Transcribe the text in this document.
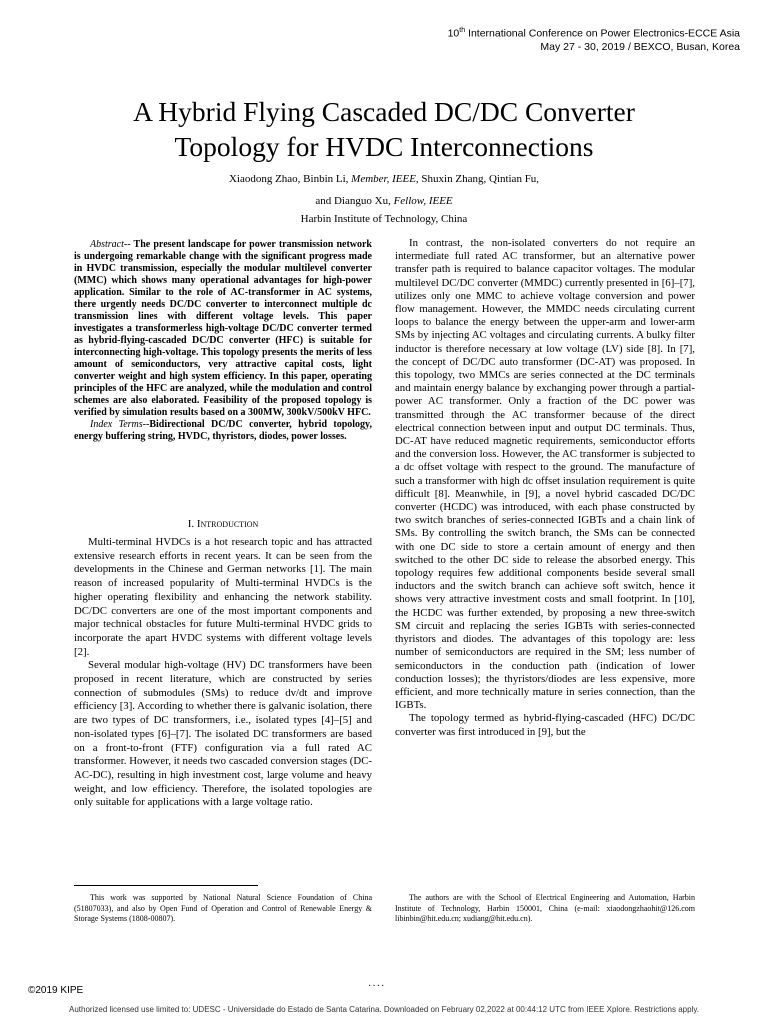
10th International Conference on Power Electronics-ECCE Asia
May 27 - 30, 2019 / BEXCO, Busan, Korea
A Hybrid Flying Cascaded DC/DC Converter
Topology for HVDC Interconnections
Xiaodong Zhao, Binbin Li, Member, IEEE, Shuxin Zhang, Qintian Fu,
and Dianguo Xu, Fellow, IEEE
Harbin Institute of Technology, China

Abstract-- The present landscape for power transmission network is undergoing remarkable change with the significant progress made in HVDC transmission, especially the modular multilevel converter (MMC) which shows many operational advantages for high-power application. Similar to the role of AC-transformer in AC systems, there urgently needs DC/DC converter to interconnect multiple dc transmission lines with different voltage levels. This paper investigates a transformerless high-voltage DC/DC converter termed as hybrid-flying-cascaded DC/DC converter (HFC) is suitable for interconnecting high-voltage. This topology presents the merits of less amount of semiconductors, very attractive capital costs, light converter weight and high system efficiency. In this paper, operating principles of the HFC are analyzed, while the modulation and control schemes are also elaborated. Feasibility of the proposed topology is verified by simulation results based on a 300MW, 300kV/500kV HFC.

Index Terms--Bidirectional DC/DC converter, hybrid topology, energy buffering string, HVDC, thyristors, diodes, power losses.

I. Introduction

Multi-terminal HVDCs is a hot research topic and has attracted extensive research efforts in recent years. It can be seen from the developments in the Chinese and German networks [1]. The main reason of increased popularity of Multi-terminal HVDCs is the higher operating flexibility and enhancing the network stability. DC/DC converters are one of the most important components and major technical obstacles for future Multi-terminal HVDC grids to incorporate the apart HVDC systems with different voltage levels [2].

Several modular high-voltage (HV) DC transformers have been proposed in recent literature, which are constructed by series connection of submodules (SMs) to reduce dv/dt and improve efficiency [3]. According to whether there is galvanic isolation, there are two types of DC transformers, i.e., isolated types [4]–[5] and non-isolated types [6]–[7]. The isolated DC transformers are based on a front-to-front (FTF) configuration via a full rated AC transformer. However, it needs two cascaded conversion stages (DC-AC-DC), resulting in high investment cost, large volume and heavy weight, and low efficiency. Therefore, the isolated topologies are only suitable for applications with a large voltage ratio.

In contrast, the non-isolated converters do not require an intermediate full rated AC transformer, but an alternative power transfer path is required to balance capacitor voltages. The modular multilevel DC/DC converter (MMDC) currently presented in [6]–[7], utilizes only one MMC to achieve voltage conversion and power flow management. However, the MMDC needs circulating current loops to balance the energy between the upper-arm and lower-arm SMs by injecting AC voltages and circulating currents. A bulky filter inductor is therefore necessary at low voltage (LV) side [8]. In [7], the concept of DC/DC auto transformer (DC-AT) was proposed. In this topology, two MMCs are series connected at the DC terminals and maintain energy balance by exchanging power through a partial-power AC transformer. Only a fraction of the DC power was transmitted through the AC transformer because of the direct electrical connection between input and output DC terminals. Thus, DC-AT have reduced magnetic requirements, semiconductor efforts and the conversion loss. However, the AC transformer is subjected to a dc offset voltage with respect to the ground. The manufacture of such a transformer with high dc offset insulation requirement is quite difficult [8]. Meanwhile, in [9], a novel hybrid cascaded DC/DC converter (HCDC) was introduced, with each phase constructed by two switch branches of series-connected IGBTs and a chain link of SMs. By controlling the switch branch, the SMs can be connected with one DC side to store a certain amount of energy and then switched to the other DC side to release the absorbed energy. This topology requires few additional components beside several small inductors and the switch branch can achieve soft switch, hence it shows very attractive investment costs and small footprint. In [10], the HCDC was further extended, by proposing a new three-switch SM circuit and replacing the series IGBTs with series-connected thyristors and diodes. The advantages of this topology are: less number of semiconductors are required in the SM; less number of semiconductors in the conduction path (indication of lower conduction losses); the thyristors/diodes are less expensive, more efficient, and more technically mature in series connection, than the IGBTs.

The topology termed as hybrid-flying-cascaded (HFC) DC/DC converter was first introduced in [9], but the

This work was supported by National Natural Science Foundation of China (51807033), and also by Open Fund of Operation and Control of Renewable Energy & Storage Systems (1808-00807).
The authors are with the School of Electrical Engineering and Automation, Harbin Institute of Technology, Harbin 150001, China (e-mail: xiaodongzhaohit@126.com libinbin@hit.edu.cn; xudiang@hit.edu.cn).
©2019 KIPE	····
Authorized licensed use limited to: UDESC - Universidade do Estado de Santa Catarina. Downloaded on February 02,2022 at 00:44:12 UTC from IEEE Xplore. Restrictions apply.
